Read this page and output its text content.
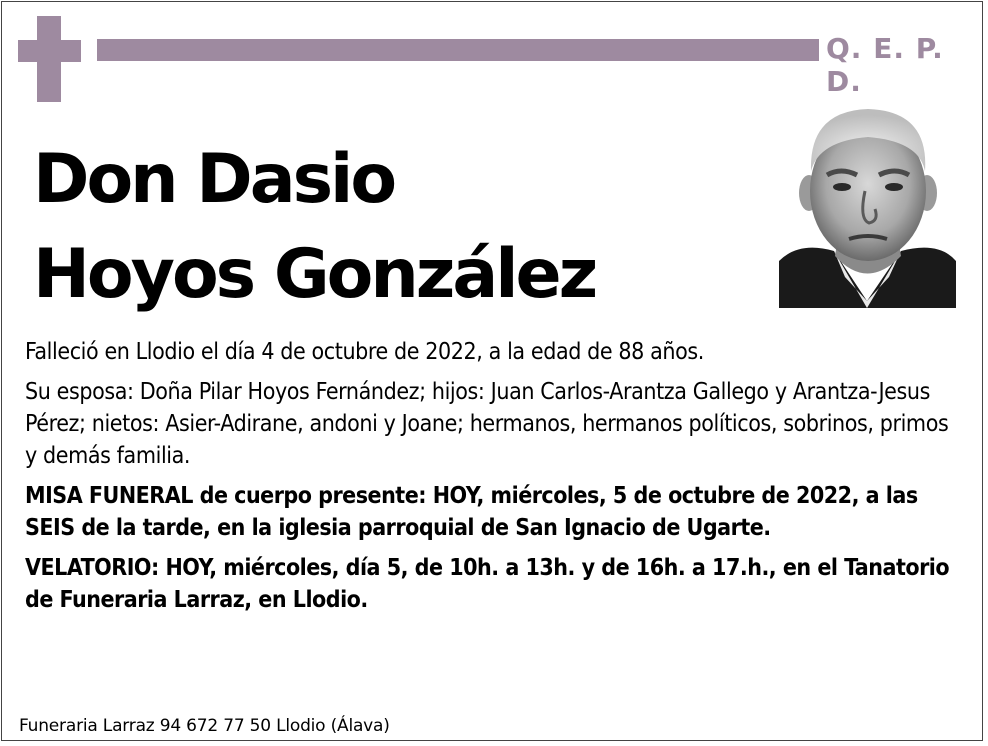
Q. E. P. D.
Don Dasio
Hoyos González

Falleció en Llodio el día 4 de octubre de 2022, a la edad de 88 años.

Su esposa: Doña Pilar Hoyos Fernández; hijos: Juan Carlos-Arantza Gallego y Arantza-Jesus Pérez; nietos: Asier-Adirane, andoni y Joane; hermanos, hermanos políticos, sobrinos, primos y demás familia.

MISA FUNERAL de cuerpo presente: HOY, miércoles, 5 de octubre de 2022, a las SEIS de la tarde, en la iglesia parroquial de San Ignacio de Ugarte.

VELATORIO: HOY, miércoles, día 5, de 10h. a 13h. y de 16h. a 17.h., en el Tanatorio de Funeraria Larraz, en Llodio.

Funeraria Larraz 94 672 77 50 Llodio (Álava)
